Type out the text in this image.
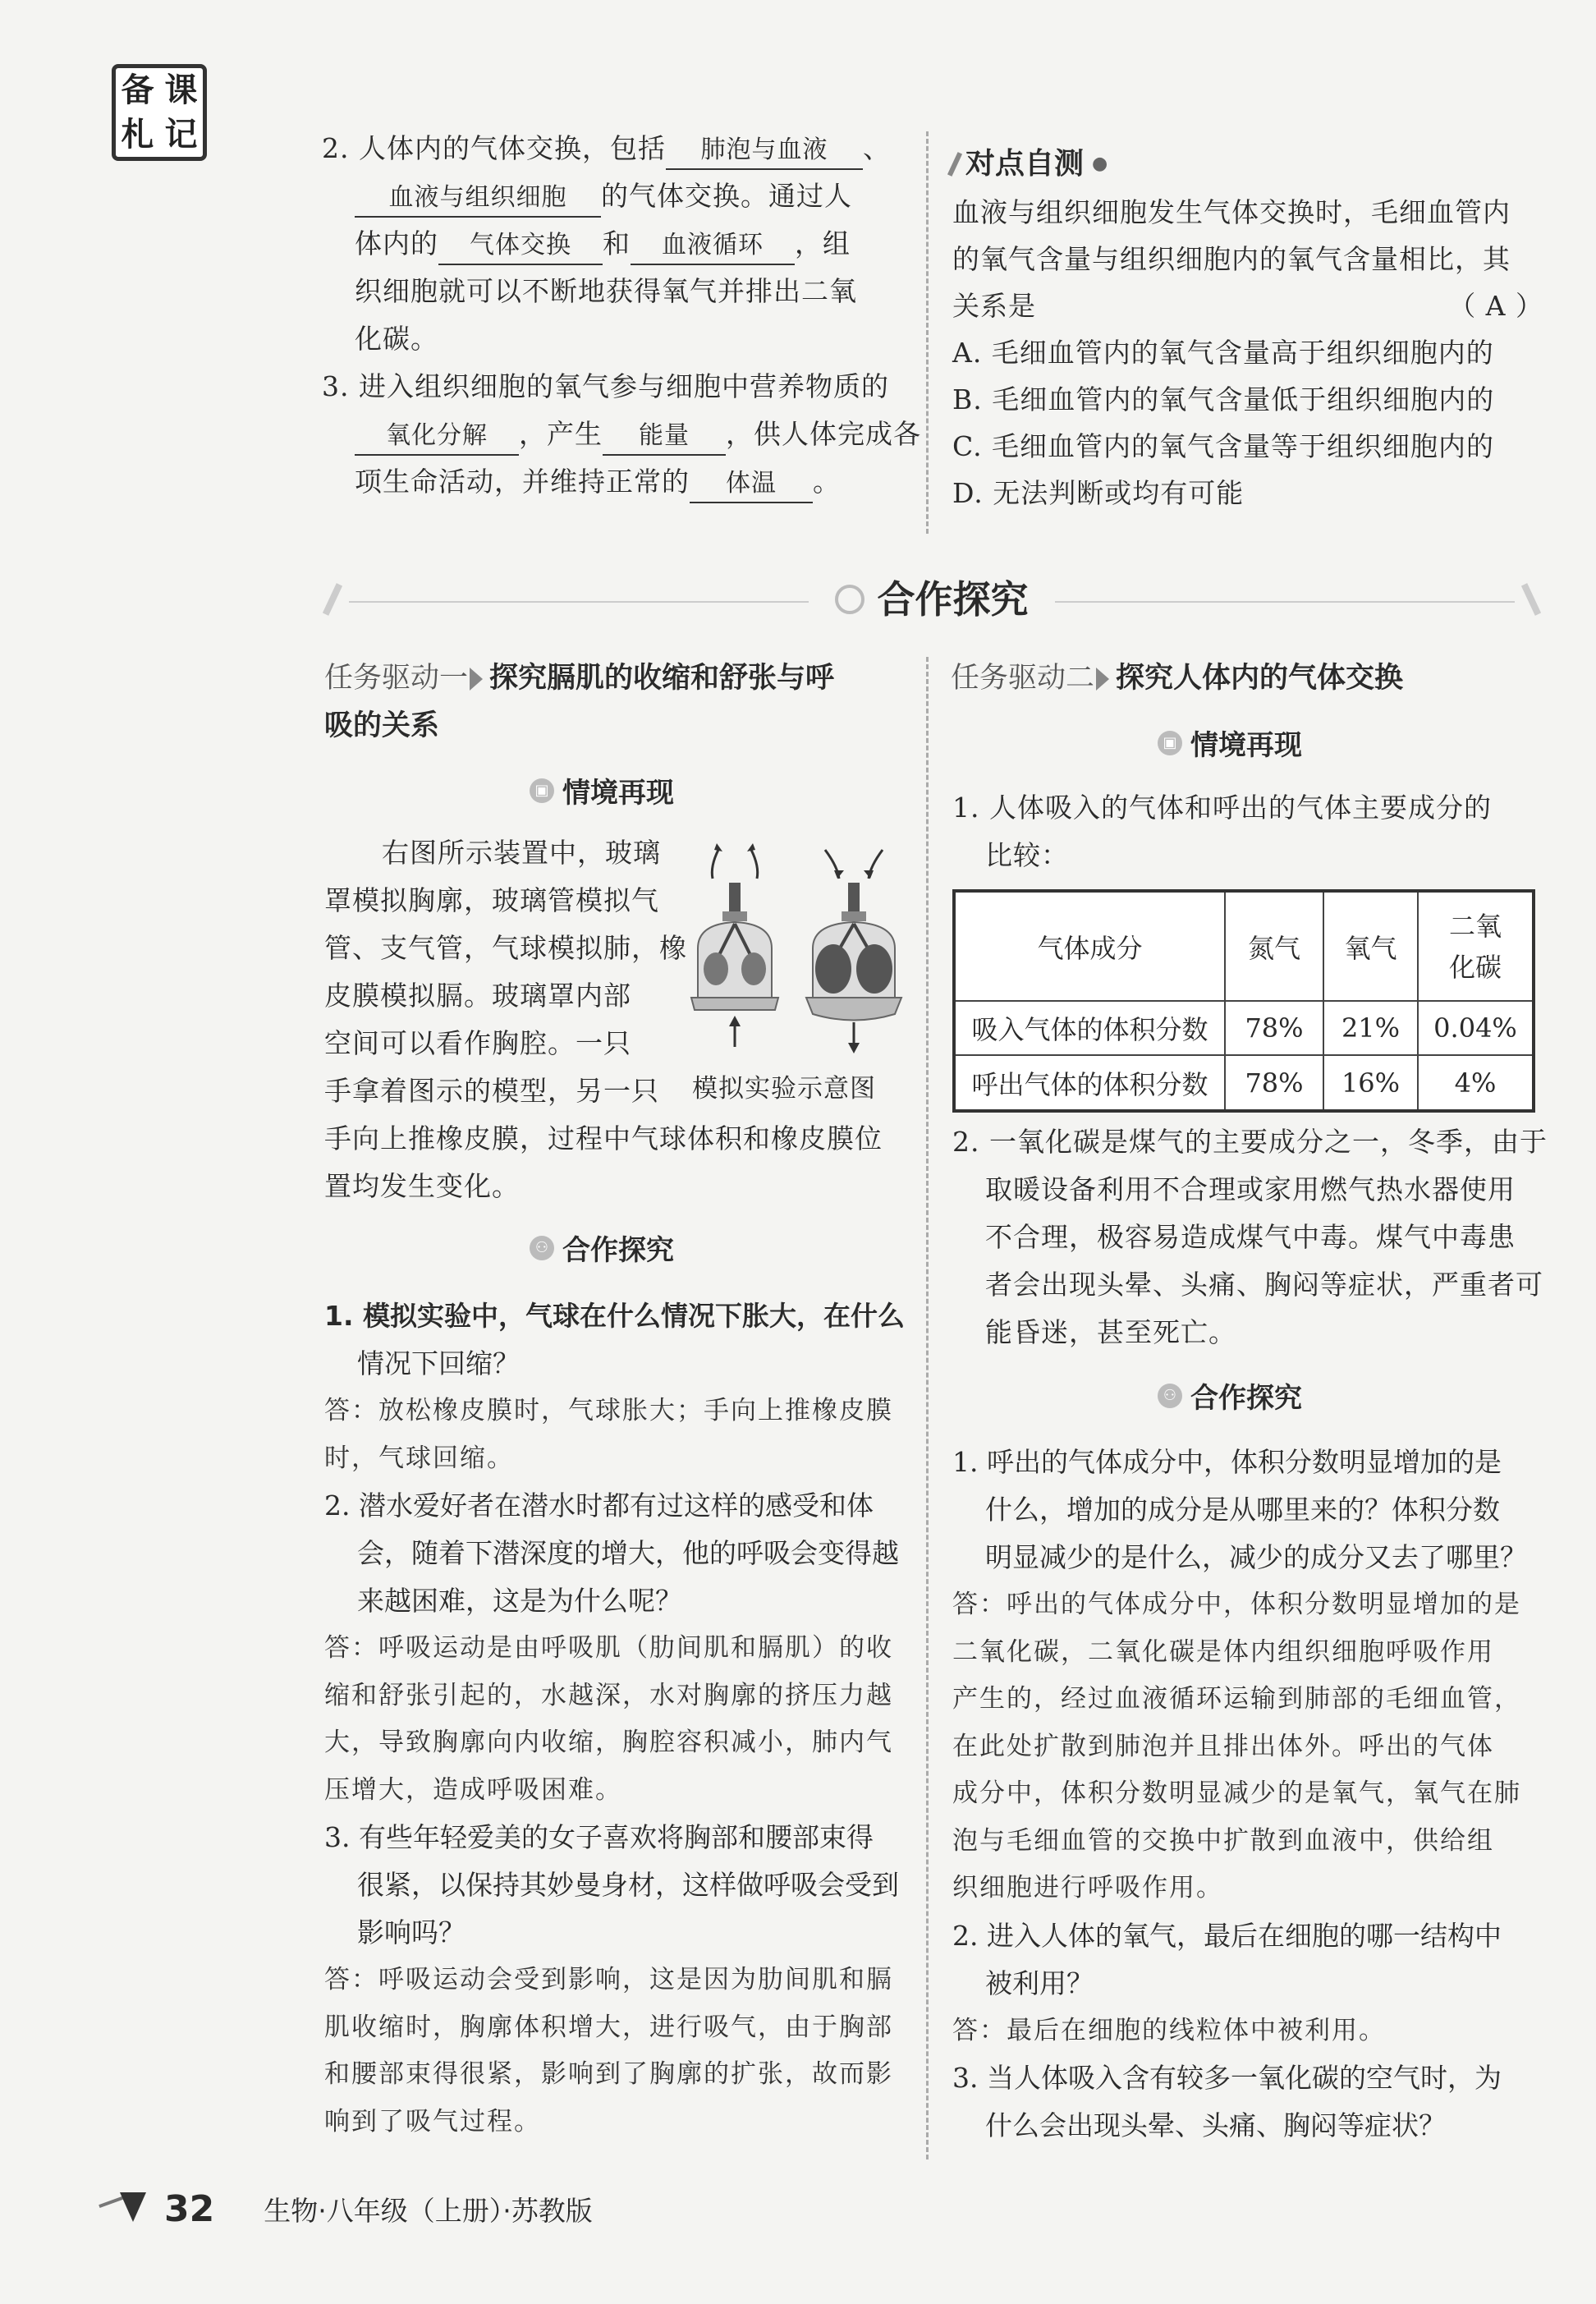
备 课
札 记	2. 人体内的气体交换，包括 肺泡与血液 、
血液与组织细胞 的气体交换。通过人
体内的 气体交换 和 血液循环 ，组
织细胞就可以不断地获得氧气并排出二氧
化碳。
3. 进入组织细胞的氧气参与细胞中营养物质的
氧化分解 ，产生 能量 ，供人体完成各
项生命活动，并维持正常的 体温 。
对点自测 ●
血液与组织细胞发生气体交换时，毛细血管内
的氧气含量与组织细胞内的氧气含量相比，其
关系是	（ A ）
A. 毛细血管内的氧气含量高于组织细胞内的
B. 毛细血管内的氧气含量低于组织细胞内的
C. 毛细血管内的氧气含量等于组织细胞内的
D. 无法判断或均有可能
合作探究
任务驱动一 探究膈肌的收缩和舒张与呼
吸的关系
▣ 情境再现
右图所示装置中，玻璃
罩模拟胸廓，玻璃管模拟气
管、支气管，气球模拟肺，橡
皮膜模拟膈。玻璃罩内部
空间可以看作胸腔。一只
手拿着图示的模型，另一只
手向上推橡皮膜，过程中气球体积和橡皮膜位
置均发生变化。
模拟实验示意图
⚇ 合作探究
1. 模拟实验中，气球在什么情况下胀大，在什么
情况下回缩？
答：放松橡皮膜时，气球胀大；手向上推橡皮膜
时，气球回缩。
2. 潜水爱好者在潜水时都有过这样的感受和体
会，随着下潜深度的增大，他的呼吸会变得越
来越困难，这是为什么呢？
答：呼吸运动是由呼吸肌（肋间肌和膈肌）的收
缩和舒张引起的，水越深，水对胸廓的挤压力越
大，导致胸廓向内收缩，胸腔容积减小，肺内气
压增大，造成呼吸困难。
3. 有些年轻爱美的女子喜欢将胸部和腰部束得
很紧，以保持其妙曼身材，这样做呼吸会受到
影响吗？
答：呼吸运动会受到影响，这是因为肋间肌和膈
肌收缩时，胸廓体积增大，进行吸气，由于胸部
和腰部束得很紧，影响到了胸廓的扩张，故而影
响到了吸气过程。
任务驱动二 探究人体内的气体交换
▣ 情境再现
1. 人体吸入的气体和呼出的气体主要成分的
比较：
气体成分	氮气	氧气	二氧
化碳
吸入气体的体积分数	78%	21%	0.04%
呼出气体的体积分数	78%	16%	4%
2. 一氧化碳是煤气的主要成分之一，冬季，由于
取暖设备利用不合理或家用燃气热水器使用
不合理，极容易造成煤气中毒。煤气中毒患
者会出现头晕、头痛、胸闷等症状，严重者可
能昏迷，甚至死亡。
⚇ 合作探究
1. 呼出的气体成分中，体积分数明显增加的是
什么，增加的成分是从哪里来的？体积分数
明显减少的是什么，减少的成分又去了哪里？
答：呼出的气体成分中，体积分数明显增加的是
二氧化碳，二氧化碳是体内组织细胞呼吸作用
产生的，经过血液循环运输到肺部的毛细血管，
在此处扩散到肺泡并且排出体外。呼出的气体
成分中，体积分数明显减少的是氧气，氧气在肺
泡与毛细血管的交换中扩散到血液中，供给组
织细胞进行呼吸作用。
2. 进入人体的氧气，最后在细胞的哪一结构中
被利用？
答：最后在细胞的线粒体中被利用。
3. 当人体吸入含有较多一氧化碳的空气时，为
什么会出现头晕、头痛、胸闷等症状？
32 生物·八年级（上册）·苏教版
